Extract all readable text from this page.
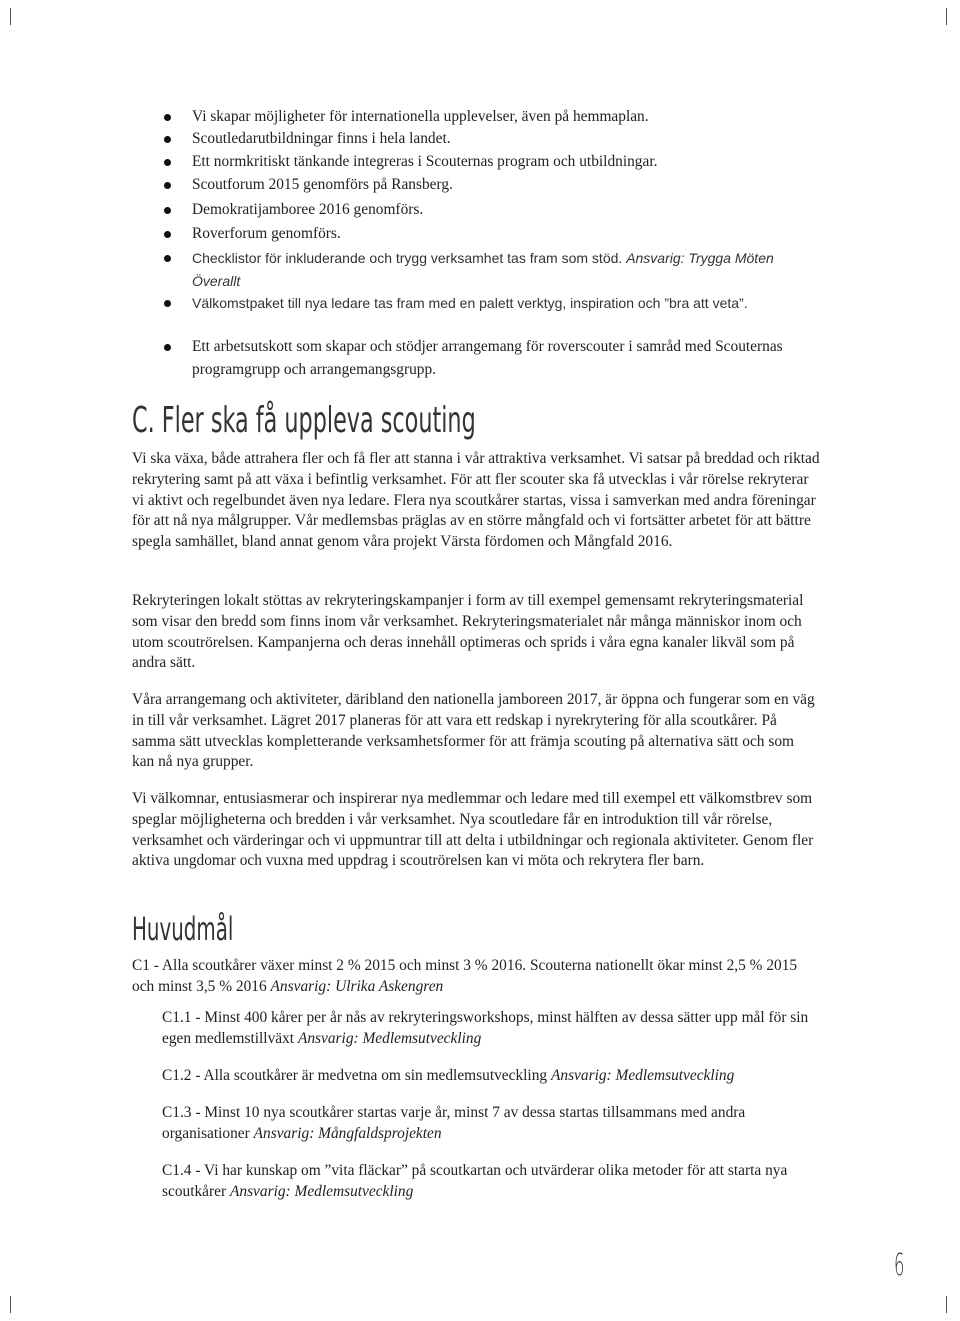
Vi skapar möjligheter för internationella upplevelser, även på hemmaplan.
Scoutledarutbildningar finns i hela landet.
Ett normkritiskt tänkande integreras i Scouternas program och utbildningar.
Scoutforum 2015 genomförs på Ransberg.
Demokratijamboree 2016 genomförs.
Roverforum genomförs.
Checklistor för inkluderande och trygg verksamhet tas fram som stöd. Ansvarig: Trygga Möten Överallt
Välkomstpaket till nya ledare tas fram med en palett verktyg, inspiration och ”bra att veta”.
Ett arbetsutskott som skapar och stödjer arrangemang för roverscouter i samråd med Scouternas programgrupp och arrangemangsgrupp.
C. Fler ska få uppleva scouting

Vi ska växa, både attrahera fler och få fler att stanna i vår attraktiva verksamhet. Vi satsar på breddad och riktad rekrytering samt på att växa i befintlig verksamhet. För att fler scouter ska få utvecklas i vår rörelse rekryterar vi aktivt och regelbundet även nya ledare. Flera nya scoutkårer startas, vissa i samverkan med andra föreningar för att nå nya målgrupper. Vår medlemsbas präglas av en större mångfald och vi fortsätter arbetet för att bättre spegla samhället, bland annat genom våra projekt Värsta fördomen och Mångfald 2016.

Rekryteringen lokalt stöttas av rekryteringskampanjer i form av till exempel gemensamt rekryteringsmaterial som visar den bredd som finns inom vår verksamhet. Rekryteringsmaterialet når många människor inom och utom scoutrörelsen. Kampanjerna och deras innehåll optimeras och sprids i våra egna kanaler likväl som på andra sätt.

Våra arrangemang och aktiviteter, däribland den nationella jamboreen 2017, är öppna och fungerar som en väg in till vår verksamhet. Lägret 2017 planeras för att vara ett redskap i nyrekrytering för alla scoutkårer. På samma sätt utvecklas kompletterande verksamhetsformer för att främja scouting på alternativa sätt och som kan nå nya grupper.

Vi välkomnar, entusiasmerar och inspirerar nya medlemmar och ledare med till exempel ett välkomstbrev som speglar möjligheterna och bredden i vår verksamhet. Nya scoutledare får en introduktion till vår rörelse, verksamhet och värderingar och vi uppmuntrar till att delta i utbildningar och regionala aktiviteter. Genom fler aktiva ungdomar och vuxna med uppdrag i scoutrörelsen kan vi möta och rekrytera fler barn.

Huvudmål

C1 - Alla scoutkårer växer minst 2 % 2015 och minst 3 % 2016. Scouterna nationellt ökar minst 2,5 % 2015 och minst 3,5 % 2016 Ansvarig: Ulrika Askengren

C1.1 - Minst 400 kårer per år nås av rekryteringsworkshops, minst hälften av dessa sätter upp mål för sin egen medlemstillväxt Ansvarig: Medlemsutveckling

C1.2 - Alla scoutkårer är medvetna om sin medlemsutveckling Ansvarig: Medlemsutveckling

C1.3 - Minst 10 nya scoutkårer startas varje år, minst 7 av dessa startas tillsammans med andra organisationer Ansvarig: Mångfaldsprojekten

C1.4 - Vi har kunskap om ”vita fläckar” på scoutkartan och utvärderar olika metoder för att starta nya scoutkårer Ansvarig: Medlemsutveckling

6
